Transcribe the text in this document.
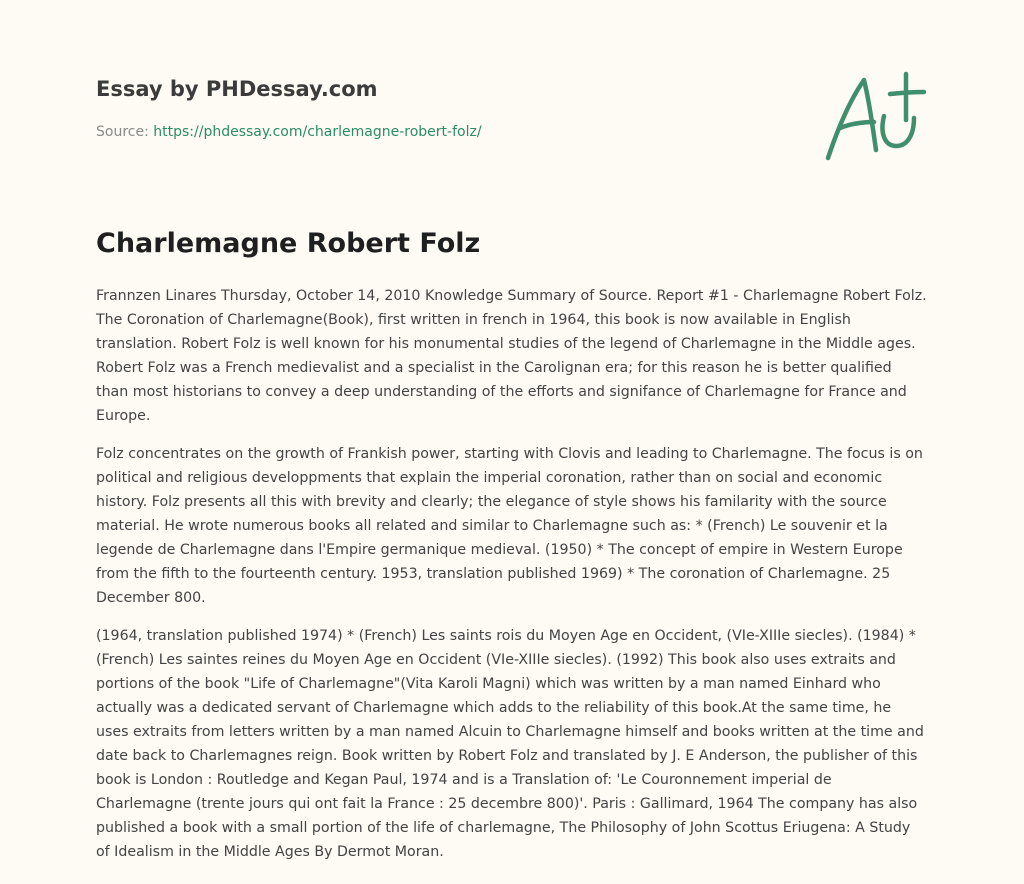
Essay by PHDessay.com
Source: https://phdessay.com/charlemagne-robert-folz/
Charlemagne Robert Folz

Frannzen Linares Thursday, October 14, 2010 Knowledge Summary of Source. Report #1 - Charlemagne Robert Folz. The Coronation of Charlemagne(Book), first written in french in 1964, this book is now available in English translation. Robert Folz is well known for his monumental studies of the legend of Charlemagne in the Middle ages. Robert Folz was a French medievalist and a specialist in the Carolignan era; for this reason he is better qualified than most historians to convey a deep understanding of the efforts and signifance of Charlemagne for France and Europe.

Folz concentrates on the growth of Frankish power, starting with Clovis and leading to Charlemagne. The focus is on political and religious developpments that explain the imperial coronation, rather than on social and economic history. Folz presents all this with brevity and clearly; the elegance of style shows his familarity with the source material. He wrote numerous books all related and similar to Charlemagne such as: * (French) Le souvenir et la legende de Charlemagne dans l'Empire germanique medieval. (1950) * The concept of empire in Western Europe from the fifth to the fourteenth century. 1953, translation published 1969) * The coronation of Charlemagne. 25 December 800.

(1964, translation published 1974) * (French) Les saints rois du Moyen Age en Occident, (VIe-XIIIe siecles). (1984) * (French) Les saintes reines du Moyen Age en Occident (VIe-XIIIe siecles). (1992) This book also uses extraits and portions of the book "Life of Charlemagne"(Vita Karoli Magni) which was written by a man named Einhard who actually was a dedicated servant of Charlemagne which adds to the reliability of this book.At the same time, he uses extraits from letters written by a man named Alcuin to Charlemagne himself and books written at the time and date back to Charlemagnes reign. Book written by Robert Folz and translated by J. E Anderson, the publisher of this book is London : Routledge and Kegan Paul, 1974 and is a Translation of: 'Le Couronnement imperial de Charlemagne (trente jours qui ont fait la France : 25 decembre 800)'. Paris : Gallimard, 1964 The company has also published a book with a small portion of the life of charlemagne, The Philosophy of John Scottus Eriugena: A Study of Idealism in the Middle Ages By Dermot Moran.
